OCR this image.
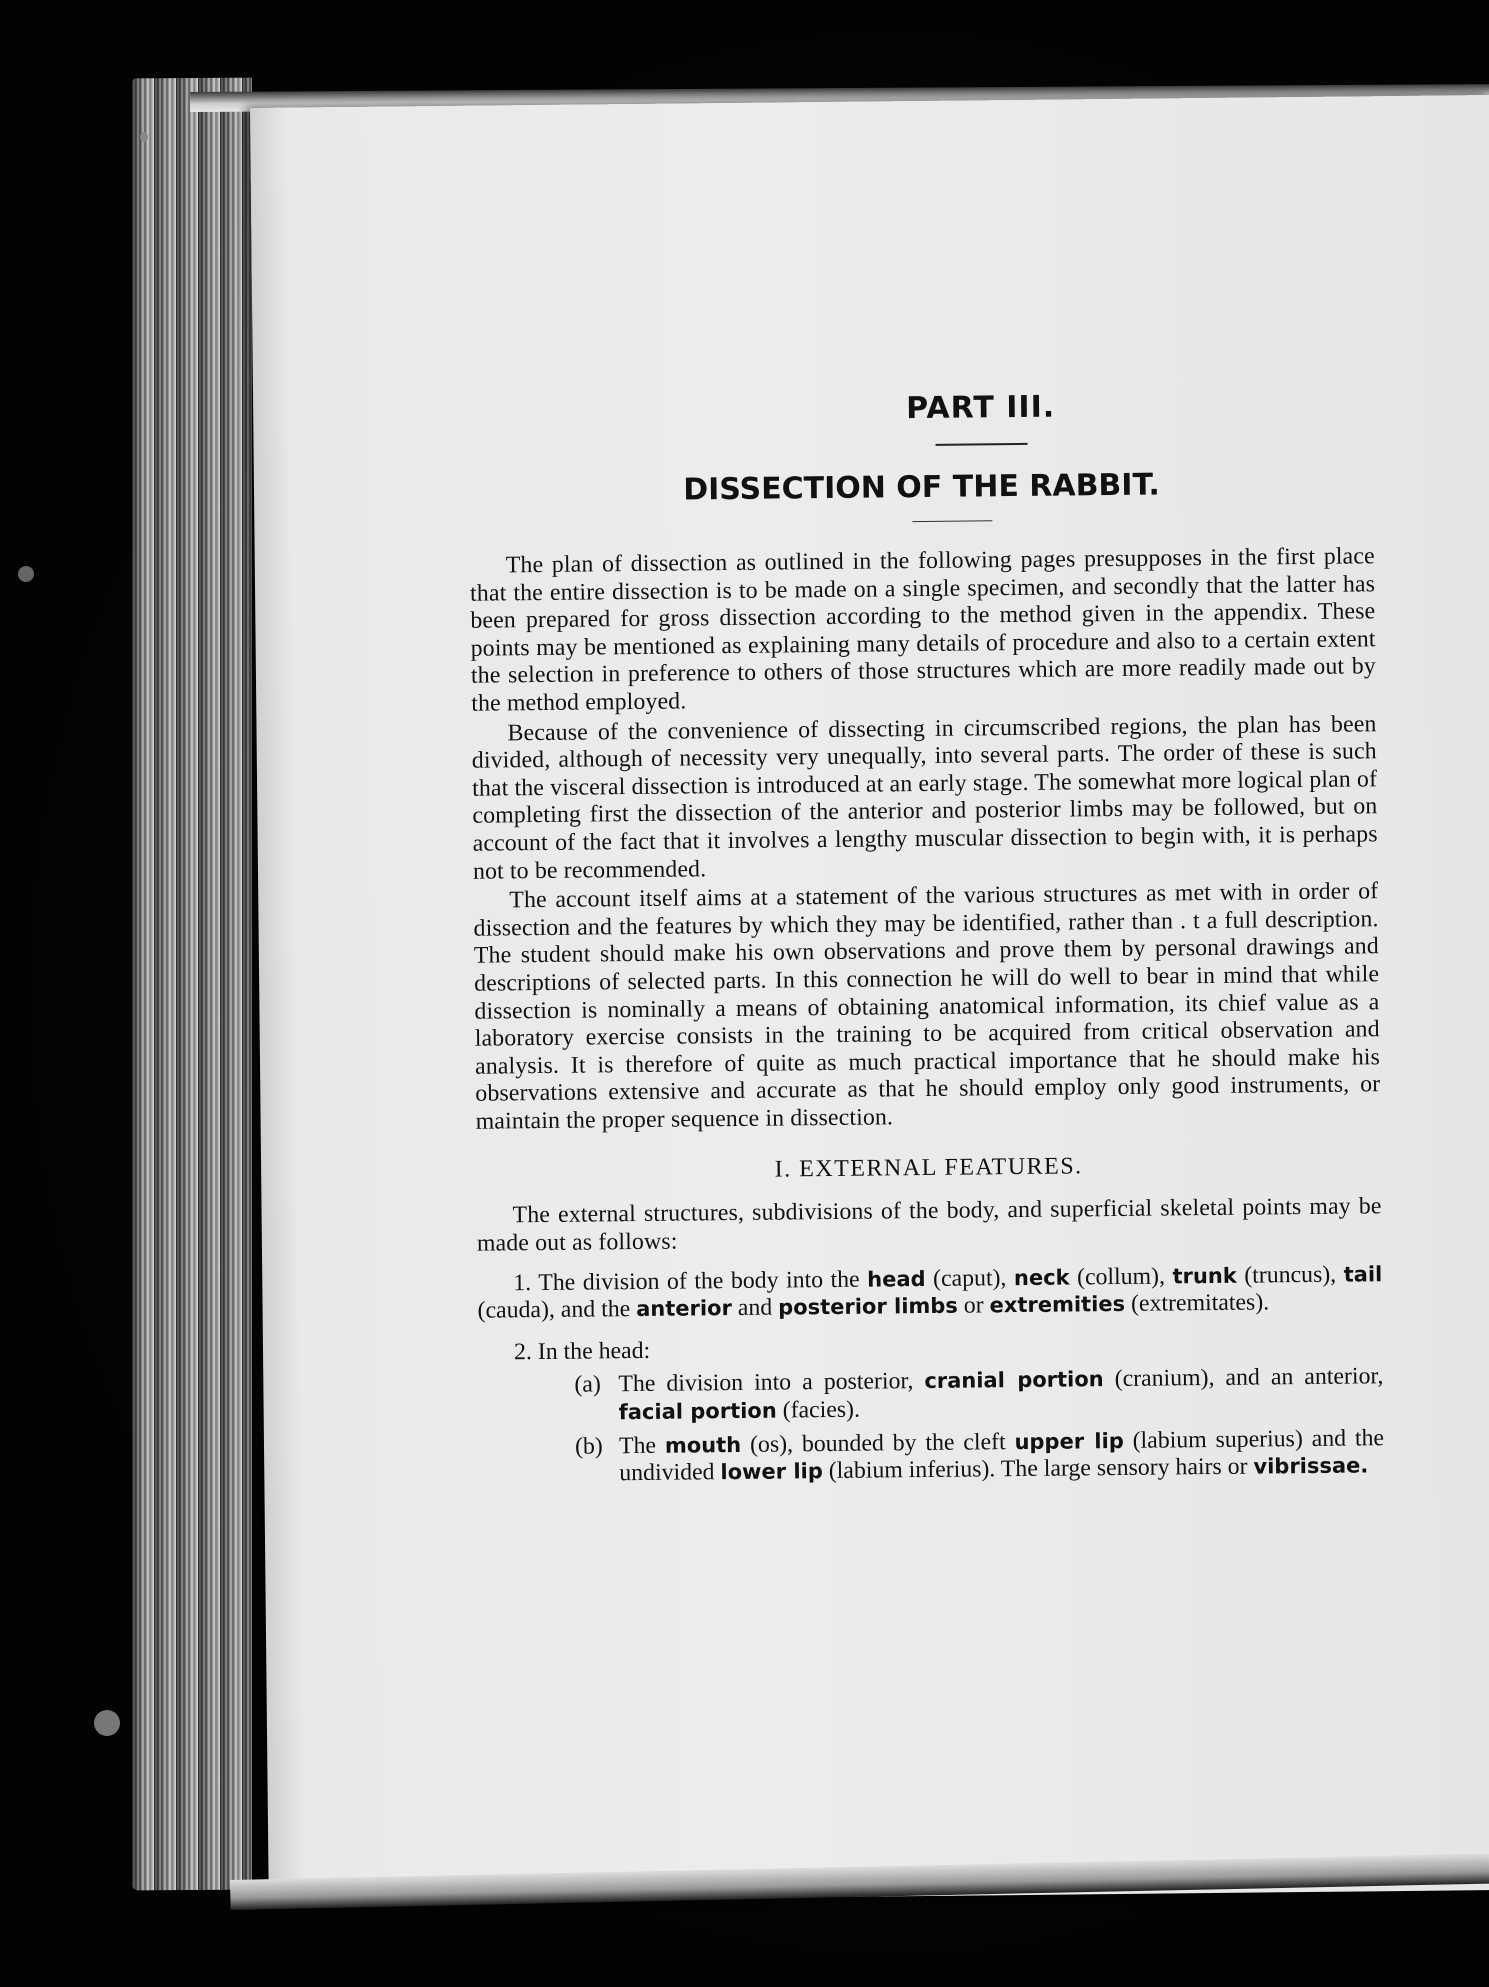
PART III.
DISSECTION OF THE RABBIT.

The plan of dissection as outlined in the following pages presupposes in the first place that the entire dissection is to be made on a single specimen, and secondly that the latter has been prepared for gross dissection according to the method given in the appendix. These points may be mentioned as explaining many details of procedure and also to a certain extent the selection in preference to others of those structures which are more readily made out by the method employed.

Because of the convenience of dissecting in circumscribed regions, the plan has been divided, although of necessity very unequally, into several parts. The order of these is such that the visceral dissection is introduced at an early stage. The somewhat more logical plan of completing first the dissection of the anterior and posterior limbs may be followed, but on account of the fact that it involves a lengthy muscular dissection to begin with, it is perhaps not to be recommended.

The account itself aims at a statement of the various structures as met with in order of dissection and the features by which they may be identified, rather than . t a full description. The student should make his own observations and prove them by personal drawings and descriptions of selected parts. In this connection he will do well to bear in mind that while dissection is nominally a means of obtaining anatomical information, its chief value as a laboratory exercise consists in the training to be acquired from critical observation and analysis. It is therefore of quite as much practical importance that he should make his observations extensive and accurate as that he should employ only good instruments, or maintain the proper sequence in dissection.

I. EXTERNAL FEATURES.

The external structures, subdivisions of the body, and superficial skeletal points may be made out as follows:

1. The division of the body into the head (caput), neck (collum), trunk (truncus), tail (cauda), and the anterior and posterior limbs or extremities (extremitates).

2. In the head:

(a) The division into a posterior, cranial portion (cranium), and an anterior, facial portion (facies).
(b) The mouth (os), bounded by the cleft upper lip (labium superius) and the undivided lower lip (labium inferius). The large sensory hairs or vibrissae.
